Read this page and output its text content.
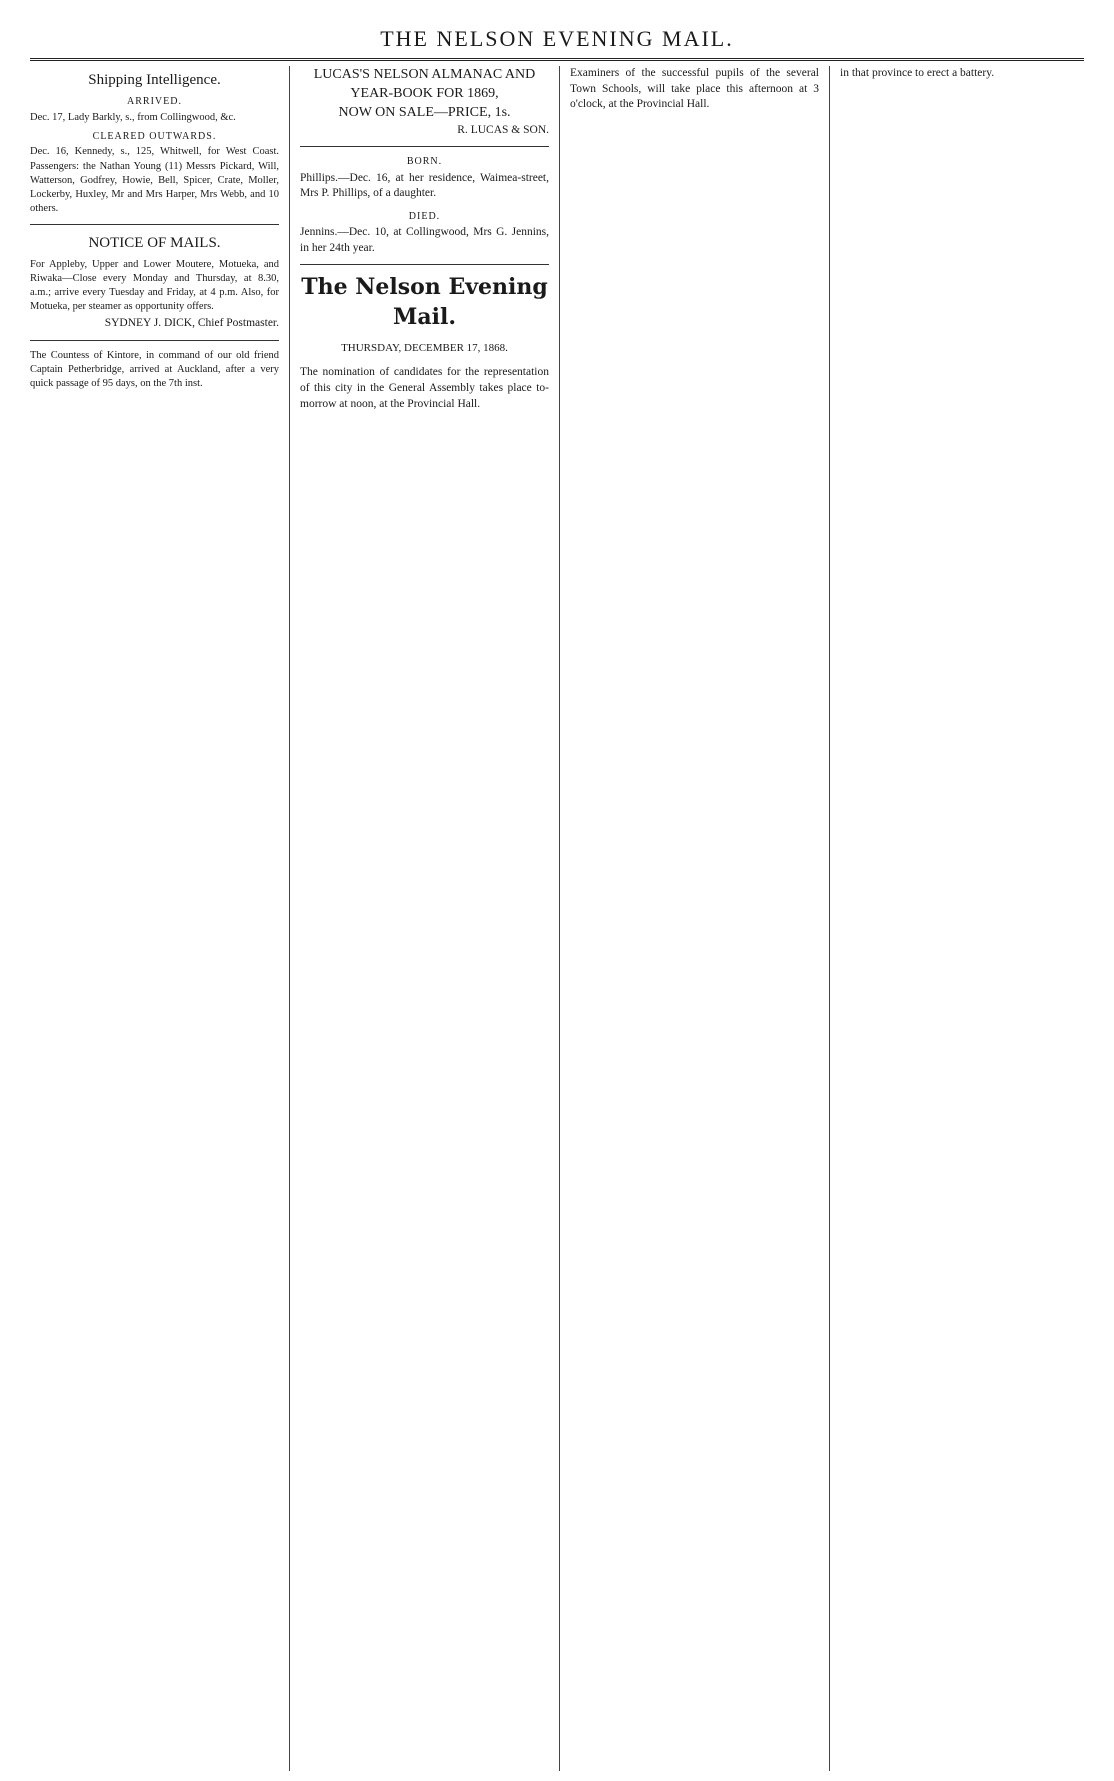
THE NELSON EVENING MAIL.
Shipping Intelligence.
ARRIVED.

Dec. 17, Lady Barkly, s., from Collingwood, &c.

CLEARED OUTWARDS.

Dec. 16, Kennedy, s., 125, Whitwell, for West Coast. Passengers: the Nathan Young (11) Messrs Pickard, Will, Watterson, Godfrey, Howie, Bell, Spicer, Crate, Moller, Lockerby, Huxley, Mr and Mrs Harper, Mrs Webb, and 10 others.

NOTICE OF MAILS.

For Appleby, Upper and Lower Moutere, Motueka, and Riwaka—Close every Monday and Thursday, at 8.30, a.m.; arrive every Tuesday and Friday, at 4 p.m. Also, for Motueka, per steamer as opportunity offers.

SYDNEY J. DICK, Chief Postmaster.

The Countess of Kintore, in command of our old friend Captain Petherbridge, arrived at Auckland, after a very quick passage of 95 days, on the 7th inst.

LUCAS'S NELSON ALMANAC AND YEAR-BOOK FOR 1869,
NOW ON SALE—PRICE, 1s.
R. LUCAS & SON.
BORN.

Phillips.—Dec. 16, at her residence, Waimea-street, Mrs P. Phillips, of a daughter.

DIED.

Jennins.—Dec. 10, at Collingwood, Mrs G. Jennins, in her 24th year.

The Nelson Evening Mail.
THURSDAY, DECEMBER 17, 1868.

The nomination of candidates for the representation of this city in the General Assembly takes place to-morrow at noon, at the Provincial Hall.

Examiners of the successful pupils of the several Town Schools, will take place this afternoon at 3 o'clock, at the Provincial Hall.

in that province to erect a battery.
